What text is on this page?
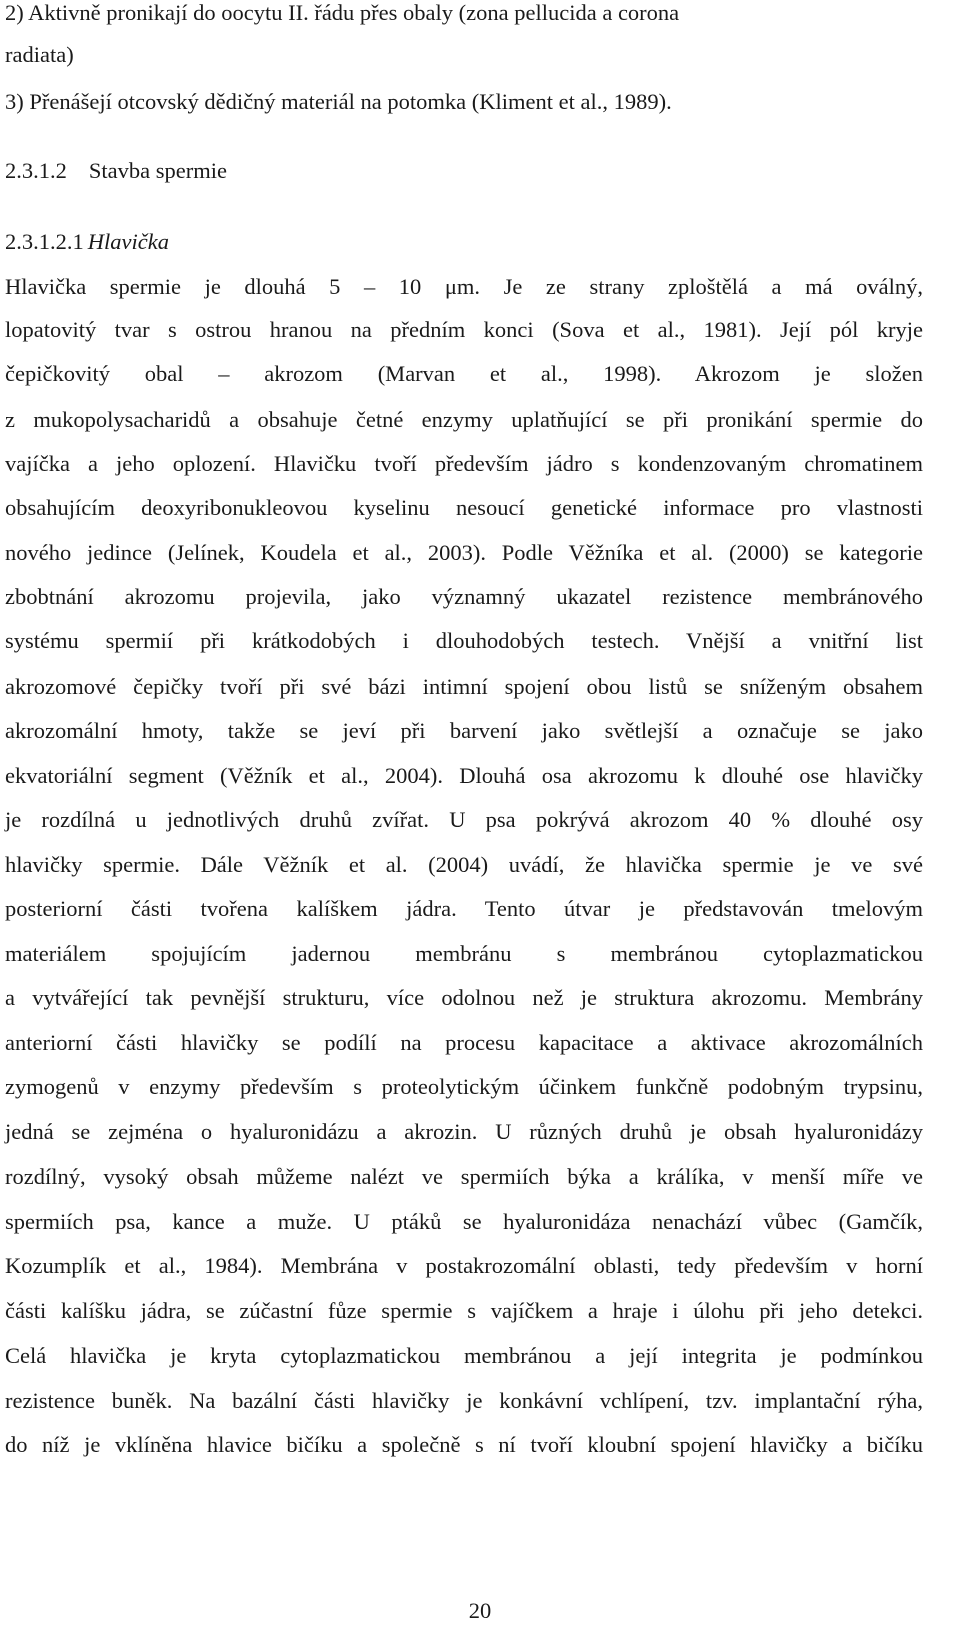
2) Aktivně pronikají do oocytu II. řádu přes obaly (zona pellucida a corona
radiata)
3) Přenášejí otcovský dědičný materiál na potomka (Kliment et al., 1989).
2.3.1.2 Stavba spermie
2.3.1.2.1 Hlavička
Hlavička spermie je dlouhá 5 – 10 μm. Je ze strany zploštělá a má oválný,
lopatovitý tvar s ostrou hranou na předním konci (Sova et al., 1981). Její pól kryje
čepičkovitý obal – akrozom (Marvan et al., 1998). Akrozom je složen
z mukopolysacharidů a obsahuje četné enzymy uplatňující se při pronikání spermie do
vajíčka a jeho oplození. Hlavičku tvoří především jádro s kondenzovaným chromatinem
obsahujícím deoxyribonukleovou kyselinu nesoucí genetické informace pro vlastnosti
nového jedince (Jelínek, Koudela et al., 2003). Podle Věžníka et al. (2000) se kategorie
zbobtnání akrozomu projevila, jako významný ukazatel rezistence membránového
systému spermií při krátkodobých i dlouhodobých testech. Vnější a vnitřní list
akrozomové čepičky tvoří při své bázi intimní spojení obou listů se sníženým obsahem
akrozomální hmoty, takže se jeví při barvení jako světlejší a označuje se jako
ekvatoriální segment (Věžník et al., 2004). Dlouhá osa akrozomu k dlouhé ose hlavičky
je rozdílná u jednotlivých druhů zvířat. U psa pokrývá akrozom 40 % dlouhé osy
hlavičky spermie. Dále Věžník et al. (2004) uvádí, že hlavička spermie je ve své
posteriorní části tvořena kalíškem jádra. Tento útvar je představován tmelovým
materiálem spojujícím jadernou membránu s membránou cytoplazmatickou
a vytvářející tak pevnější strukturu, více odolnou než je struktura akrozomu. Membrány
anteriorní části hlavičky se podílí na procesu kapacitace a aktivace akrozomálních
zymogenů v enzymy především s proteolytickým účinkem funkčně podobným trypsinu,
jedná se zejména o hyaluronidázu a akrozin. U různých druhů je obsah hyaluronidázy
rozdílný, vysoký obsah můžeme nalézt ve spermiích býka a králíka, v menší míře ve
spermiích psa, kance a muže. U ptáků se hyaluronidáza nenachází vůbec (Gamčík,
Kozumplík et al., 1984). Membrána v postakrozomální oblasti, tedy především v horní
části kalíšku jádra, se zúčastní fůze spermie s vajíčkem a hraje i úlohu při jeho detekci.
Celá hlavička je kryta cytoplazmatickou membránou a její integrita je podmínkou
rezistence buněk. Na bazální části hlavičky je konkávní vchlípení, tzv. implantační rýha,
do níž je vklíněna hlavice bičíku a společně s ní tvoří kloubní spojení hlavičky a bičíku
20
